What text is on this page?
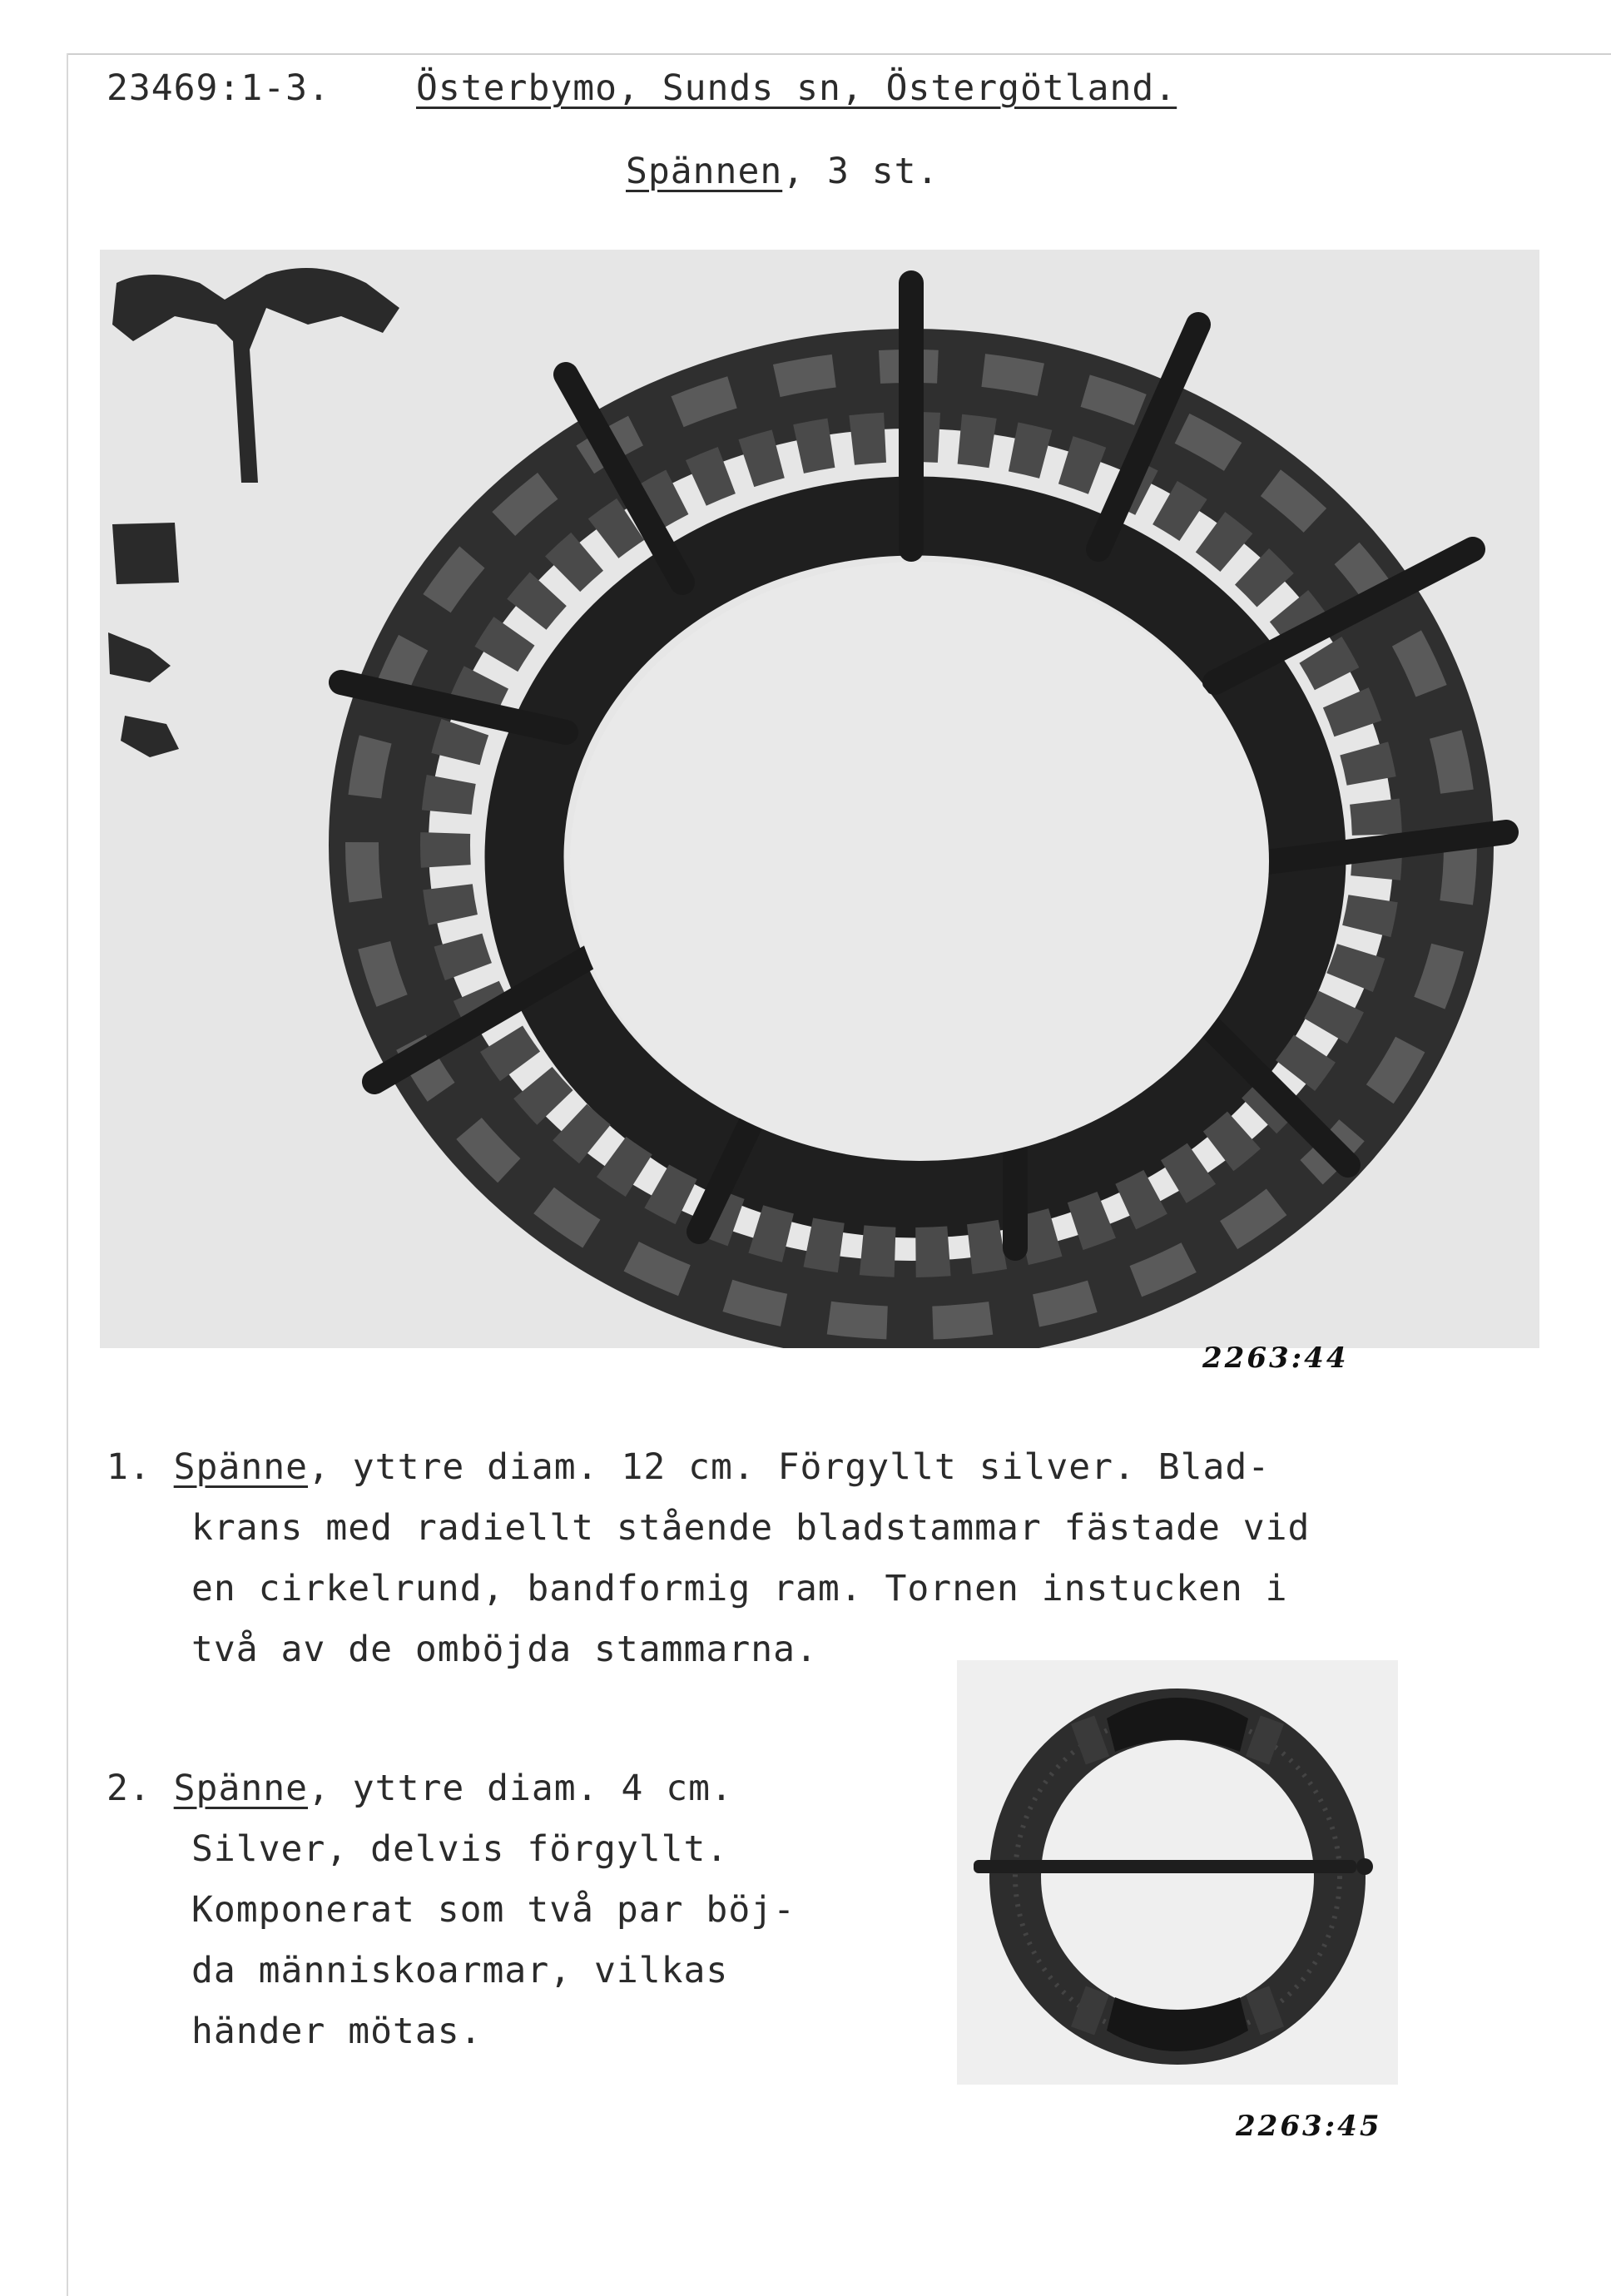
23469:1-3. Österbymo, Sunds sn, Östergötland.
Spännen, 3 st.
2263:44
1. Spänne, yttre diam. 12 cm. Förgyllt silver. Blad-
krans med radiellt stående bladstammar fästade vid
en cirkelrund, bandformig ram. Tornen instucken i
två av de omböjda stammarna.
2. Spänne, yttre diam. 4 cm.
Silver, delvis förgyllt.
Komponerat som två par böj-
da människoarmar, vilkas
händer mötas.
2263:45
